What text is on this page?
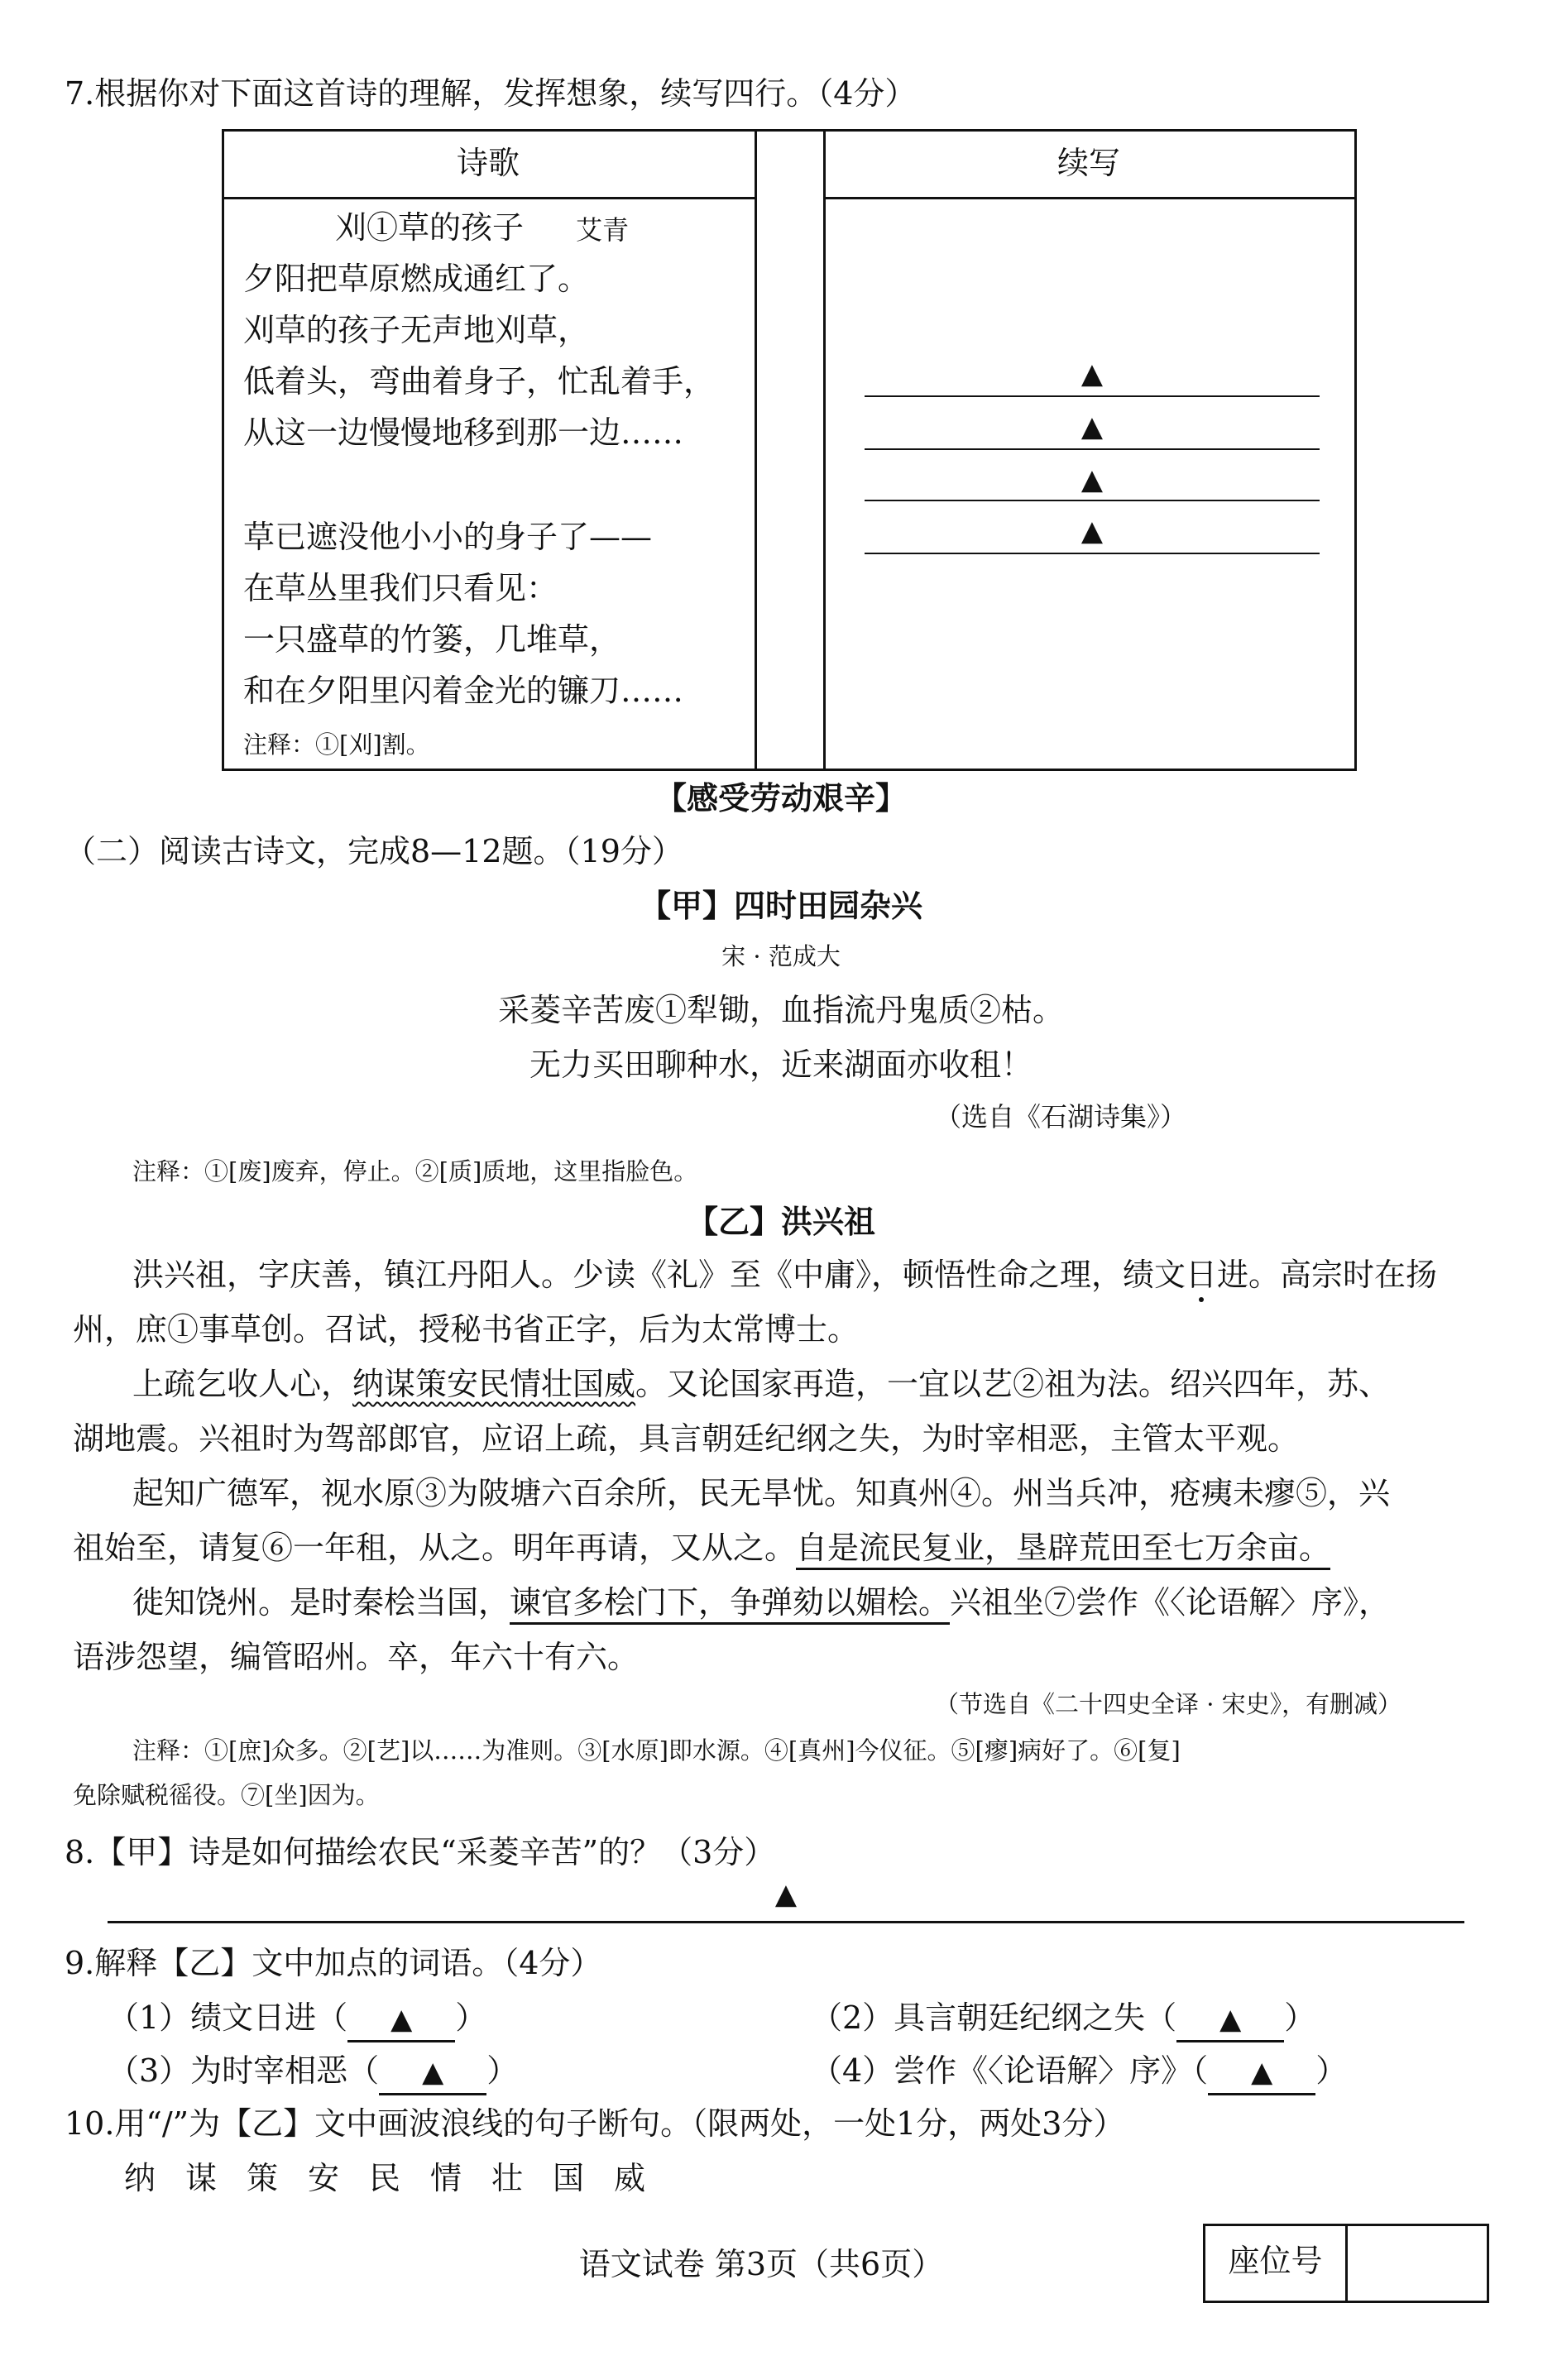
7.根据你对下面这首诗的理解，发挥想象，续写四行。（4分）
诗歌	续写
刈①草的孩子 艾青
夕阳把草原燃成通红了。
刈草的孩子无声地刈草，
低着头，弯曲着身子，忙乱着手，
从这一边慢慢地移到那一边……
草已遮没他小小的身子了——
在草丛里我们只看见：
一只盛草的竹篓，几堆草，
和在夕阳里闪着金光的镰刀……
注释：①[刈]割。
▲
▲
▲
▲
【感受劳动艰辛】
（二）阅读古诗文，完成8—12题。（19分）
【甲】四时田园杂兴
宋 · 范成大
采菱辛苦废①犁锄，血指流丹鬼质②枯。
无力买田聊种水，近来湖面亦收租！
（选自《石湖诗集》）
注释：①[废]废弃，停止。②[质]质地，这里指脸色。
【乙】洪兴祖
洪兴祖，字庆善，镇江丹阳人。少读《礼》至《中庸》，顿悟性命之理，绩文日进。高宗时在扬
州，庶①事草创。召试，授秘书省正字，后为太常博士。
上疏乞收人心，纳谋策安民情壮国威。又论国家再造，一宜以艺②祖为法。绍兴四年，苏、
湖地震。兴祖时为驾部郎官，应诏上疏，具言朝廷纪纲之失，为时宰相恶，主管太平观。
起知广德军，视水原③为陂塘六百余所，民无旱忧。知真州④。州当兵冲，疮痍未瘳⑤，兴
祖始至，请复⑥一年租，从之。明年再请，又从之。自是流民复业，垦辟荒田至七万余亩。
徙知饶州。是时秦桧当国，谏官多桧门下，争弹劾以媚桧。兴祖坐⑦尝作《〈论语解〉序》，
语涉怨望，编管昭州。卒，年六十有六。
（节选自《二十四史全译 · 宋史》，有删减）
注释：①[庶]众多。②[艺]以……为准则。③[水原]即水源。④[真州]今仪征。⑤[瘳]病好了。⑥[复]
免除赋税徭役。⑦[坐]因为。
8.【甲】诗是如何描绘农民“采菱辛苦”的？（3分）
▲
9.解释【乙】文中加点的词语。（4分）
（1）绩文日进（ ▲ ）	（2）具言朝廷纪纲之失（ ▲ ）
（3）为时宰相恶（ ▲ ）	（4）尝作《〈论语解〉序》（ ▲ ）
10.用“/”为【乙】文中画波浪线的句子断句。（限两处，一处1分，两处3分）
纳 谋 策 安 民 情 壮 国 威
语文试卷 第3页（共6页）	座位号
